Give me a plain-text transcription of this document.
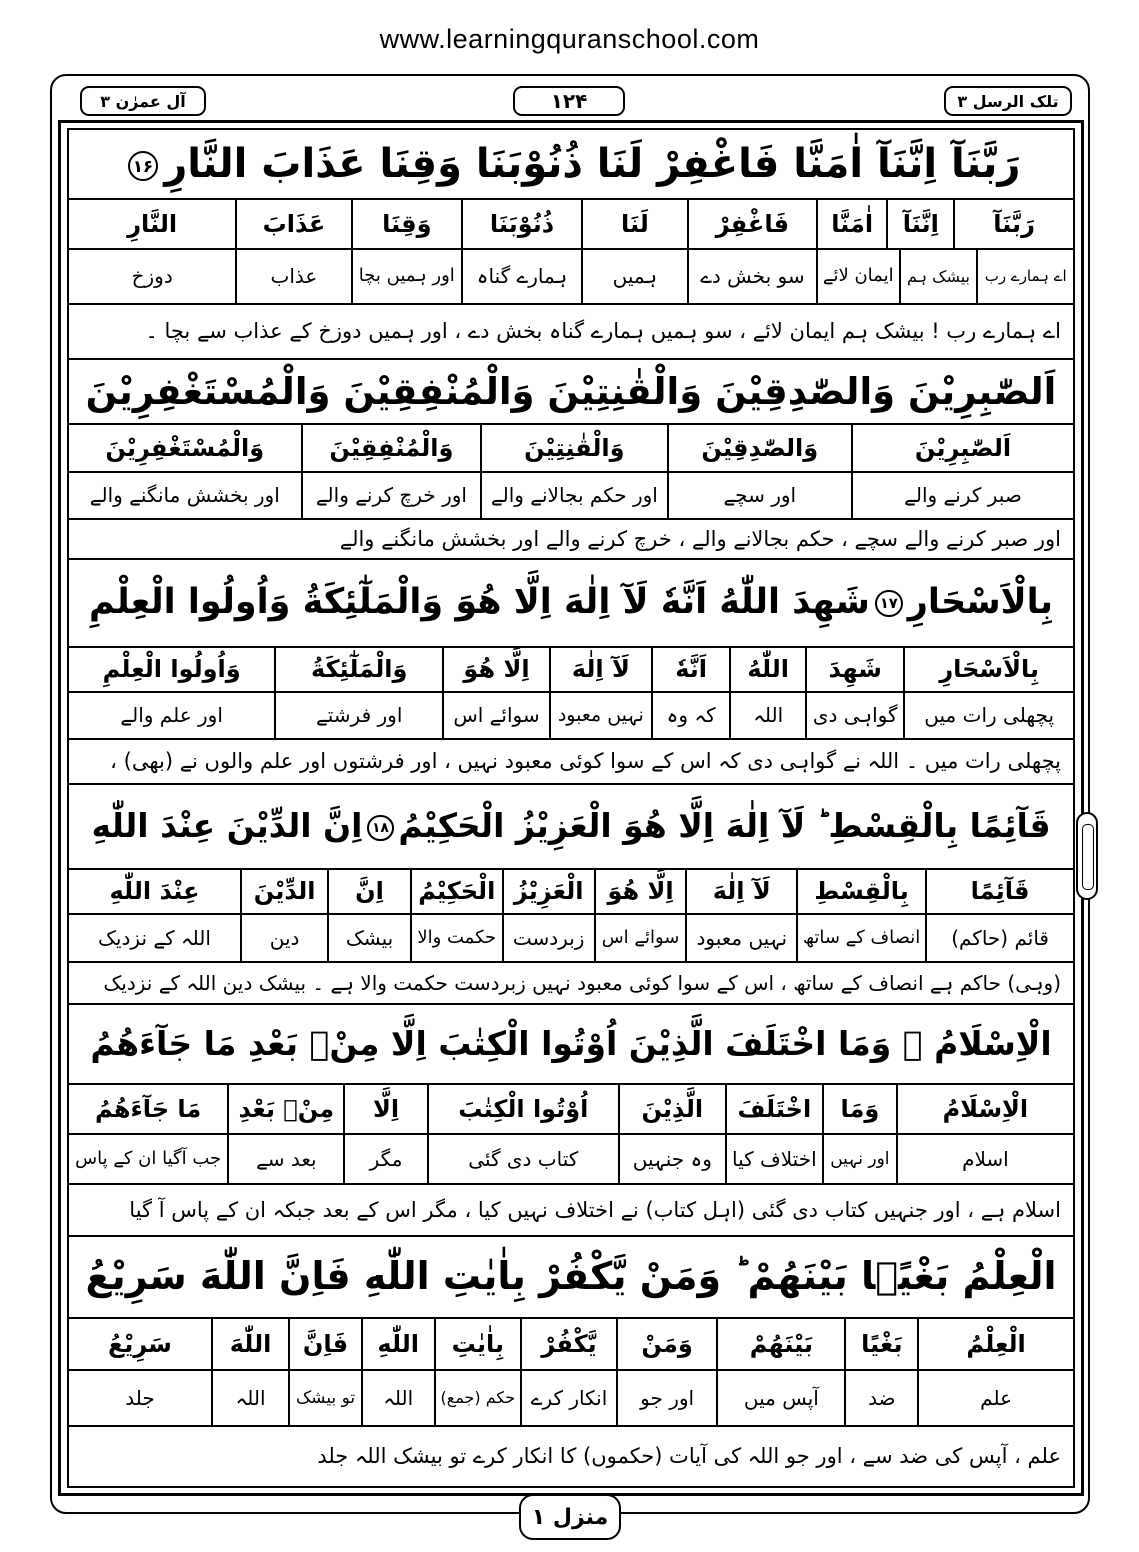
www.learningquranschool.com
آل عمرٰن ۳	۱۲۴	تلک الرسل ۳
رَبَّنَآ اِنَّنَآ اٰمَنَّا فَاغْفِرْ لَنَا ذُنُوْبَنَا وَقِنَا عَذَابَ النَّارِ۱۶
رَبَّنَآ
اِنَّنَآ
اٰمَنَّا
فَاغْفِرْ
لَنَا
ذُنُوْبَنَا
وَقِنَا
عَذَابَ
النَّارِ
اے ہمارے رب
بیشک ہم
ایمان لائے
سو بخش دے
ہمیں
ہمارے گناہ
اور ہمیں بچا
عذاب
دوزخ
اے ہمارے رب ! بیشک ہم ایمان لائے ، سو ہمیں ہمارے گناہ بخش دے ، اور ہمیں دوزخ کے عذاب سے بچا ۔
اَلصّٰبِرِيْنَ وَالصّٰدِقِيْنَ وَالْقٰنِتِيْنَ وَالْمُنْفِقِيْنَ وَالْمُسْتَغْفِرِيْنَ
اَلصّٰبِرِيْنَ
وَالصّٰدِقِيْنَ
وَالْقٰنِتِيْنَ
وَالْمُنْفِقِيْنَ
وَالْمُسْتَغْفِرِيْنَ
صبر کرنے والے
اور سچے
اور حکم بجالانے والے
اور خرچ کرنے والے
اور بخشش مانگنے والے
اور صبر کرنے والے سچے ، حکم بجالانے والے ، خرچ کرنے والے اور بخشش مانگنے والے
بِالْاَسْحَارِ۱۷شَهِدَ اللّٰهُ اَنَّهٗ لَآ اِلٰهَ اِلَّا هُوَ وَالْمَلٰٓئِكَةُ وَاُولُوا الْعِلْمِ
بِالْاَسْحَارِ
شَهِدَ
اللّٰهُ
اَنَّهٗ
لَآ اِلٰهَ
اِلَّا هُوَ
وَالْمَلٰٓئِكَةُ
وَاُولُوا الْعِلْمِ
پچھلی رات میں
گواہی دی
اللہ
کہ وہ
نہیں معبود
سوائے اس
اور فرشتے
اور علم والے
پچھلی رات میں ۔ اللہ نے گواہی دی کہ اس کے سوا کوئی معبود نہیں ، اور فرشتوں اور علم والوں نے (بھی) ،
قَآئِمًا بِالْقِسْطِ ؕ لَآ اِلٰهَ اِلَّا هُوَ الْعَزِيْزُ الْحَكِيْمُ۱۸اِنَّ الدِّيْنَ عِنْدَ اللّٰهِ
قَآئِمًا
بِالْقِسْطِ
لَآ اِلٰهَ
اِلَّا هُوَ
الْعَزِيْزُ
الْحَكِيْمُ
اِنَّ
الدِّيْنَ
عِنْدَ اللّٰهِ
قائم (حاکم)
انصاف کے ساتھ
نہیں معبود
سوائے اس
زبردست
حکمت والا
بیشک
دین
اللہ کے نزدیک
(وہی) حاکم ہے انصاف کے ساتھ ، اس کے سوا کوئی معبود نہیں زبردست حکمت والا ہے ۔ بیشک دین اللہ کے نزدیک
الْاِسْلَامُ ۟ وَمَا اخْتَلَفَ الَّذِيْنَ اُوْتُوا الْكِتٰبَ اِلَّا مِنْۢ بَعْدِ مَا جَآءَهُمُ
الْاِسْلَامُ
وَمَا
اخْتَلَفَ
الَّذِيْنَ
اُوْتُوا الْكِتٰبَ
اِلَّا
مِنْۢ بَعْدِ
مَا جَآءَهُمُ
اسلام
اور نہیں
اختلاف کیا
وہ جنہیں
کتاب دی گئی
مگر
بعد سے
جب آگیا ان کے پاس
اسلام ہے ، اور جنہیں کتاب دی گئی (اہل کتاب) نے اختلاف نہیں کیا ، مگر اس کے بعد جبکہ ان کے پاس آ گیا
الْعِلْمُ بَغْيًۢا بَيْنَهُمْ ؕ وَمَنْ يَّكْفُرْ بِاٰيٰتِ اللّٰهِ فَاِنَّ اللّٰهَ سَرِيْعُ
الْعِلْمُ
بَغْيًا
بَيْنَهُمْ
وَمَنْ
يَّكْفُرْ
بِاٰيٰتِ
اللّٰهِ
فَاِنَّ
اللّٰهَ
سَرِيْعُ
علم
ضد
آپس میں
اور جو
انکار کرے
حکم (جمع)
اللہ
تو بیشک
اللہ
جلد
علم ، آپس کی ضد سے ، اور جو اللہ کی آیات (حکموں) کا انکار کرے تو بیشک اللہ جلد
منزل ۱
